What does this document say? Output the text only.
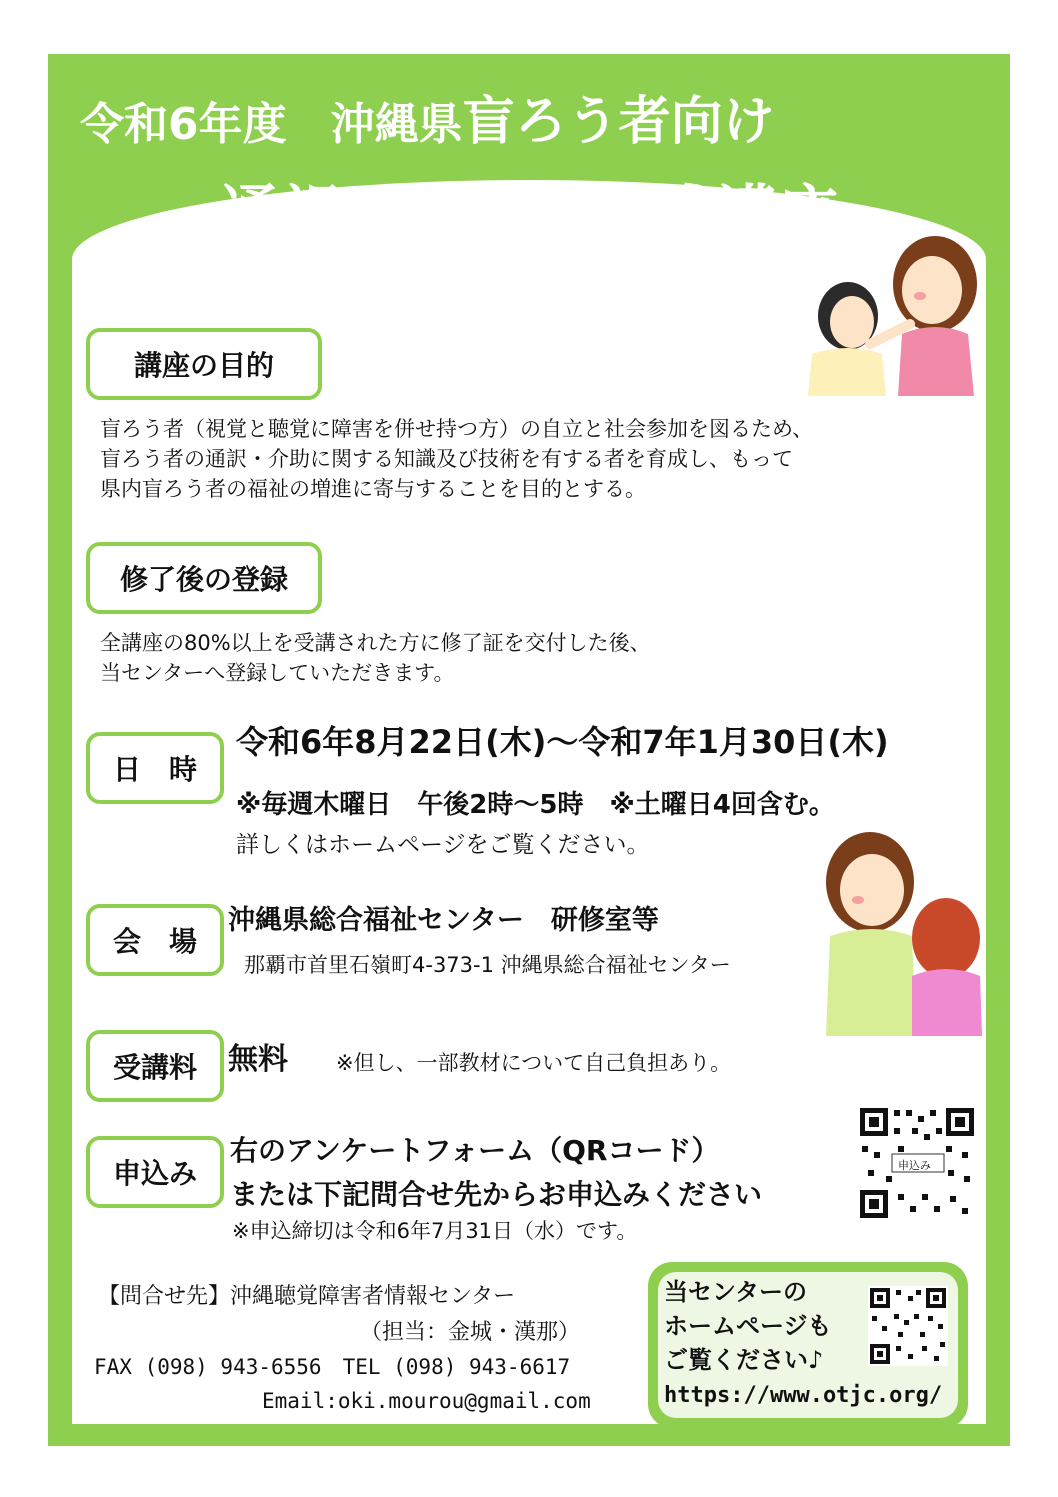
令和6年度　沖縄県盲ろう者向け
通訳・介助員養成講座
講座の目的
盲ろう者（視覚と聴覚に障害を併せ持つ方）の自立と社会参加を図るため、
盲ろう者の通訳・介助に関する知識及び技術を有する者を育成し、もって
県内盲ろう者の福祉の増進に寄与することを目的とする。
修了後の登録
全講座の80%以上を受講された方に修了証を交付した後、
当センターへ登録していただきます。
日　時
令和6年8月22日(木)～令和7年1月30日(木)
※毎週木曜日　午後2時～5時　※土曜日4回含む。
詳しくはホームページをご覧ください。
会　場
沖縄県総合福祉センター　研修室等
那覇市首里石嶺町4-373-1 沖縄県総合福祉センター
受講料	無料 ※但し、一部教材について自己負担あり。
申込み
右のアンケートフォーム（QRコード）
または下記問合せ先からお申込みください
※申込締切は令和6年7月31日（水）です。
申込み
【問合せ先】沖縄聴覚障害者情報センター
（担当：金城・漢那）
FAX (098) 943-6556　TEL (098) 943-6617
Email:oki.mourou@gmail.com
当センターの
ホームページも
ご覧ください♪
https://www.otjc.org/
